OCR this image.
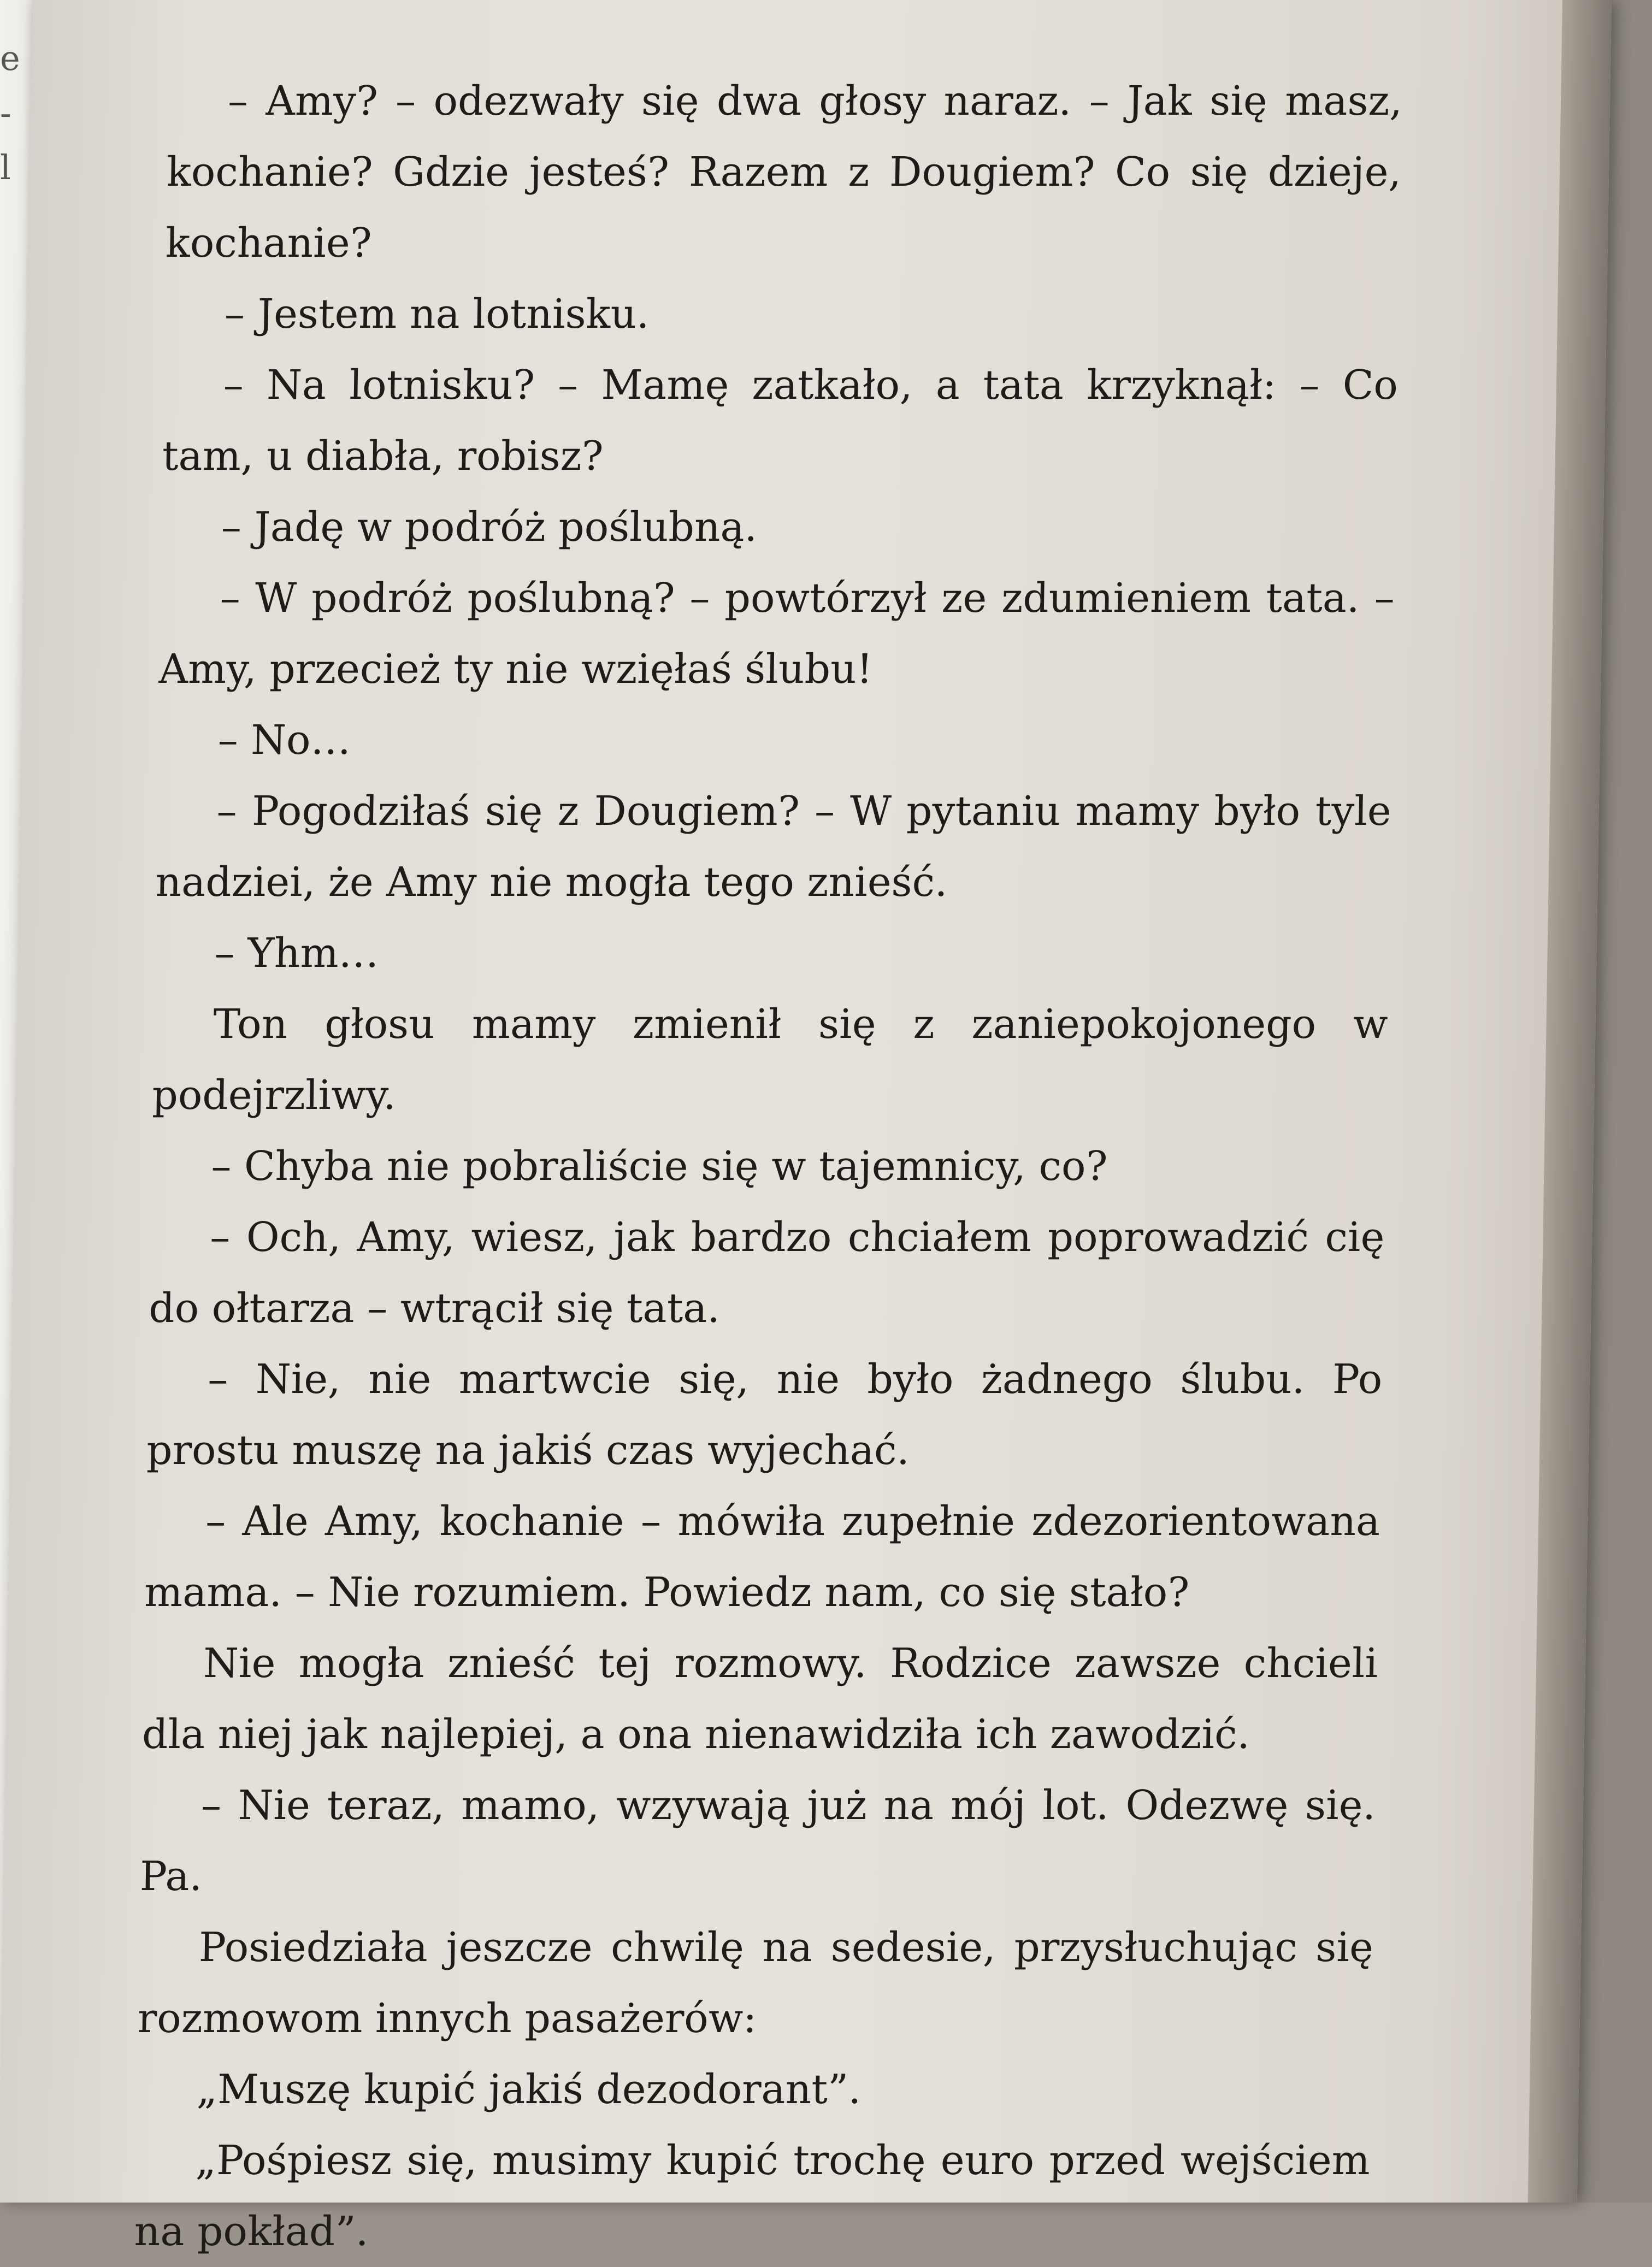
e
-
l

– Amy? – odezwały się dwa głosy naraz. – Jak się masz, kochanie? Gdzie jesteś? Razem z Dougiem? Co się dzieje, kochanie?

– Jestem na lotnisku.

– Na lotnisku? – Mamę zatkało, a tata krzyknął: – Co tam, u diabła, robisz?

– Jadę w podróż poślubną.

– W podróż poślubną? – powtórzył ze zdumieniem tata. – Amy, przecież ty nie wzięłaś ślubu!

– No…

– Pogodziłaś się z Dougiem? – W pytaniu mamy było tyle nadziei, że Amy nie mogła tego znieść.

– Yhm…

Ton głosu mamy zmienił się z zaniepokojonego w podejrzliwy.

– Chyba nie pobraliście się w tajemnicy, co?

– Och, Amy, wiesz, jak bardzo chciałem poprowadzić cię do ołtarza – wtrącił się tata.

– Nie, nie martwcie się, nie było żadnego ślubu. Po prostu muszę na jakiś czas wyjechać.

– Ale Amy, kochanie – mówiła zupełnie zdezorientowana mama. – Nie rozumiem. Powiedz nam, co się stało?

Nie mogła znieść tej rozmowy. Rodzice zawsze chcieli dla niej jak najlepiej, a ona nienawidziła ich zawodzić.

– Nie teraz, mamo, wzywają już na mój lot. Odezwę się. Pa.

Posiedziała jeszcze chwilę na sedesie, przysłuchując się rozmowom innych pasażerów:

„Muszę kupić jakiś dezodorant”.

„Pośpiesz się, musimy kupić trochę euro przed wejściem na pokład”.
